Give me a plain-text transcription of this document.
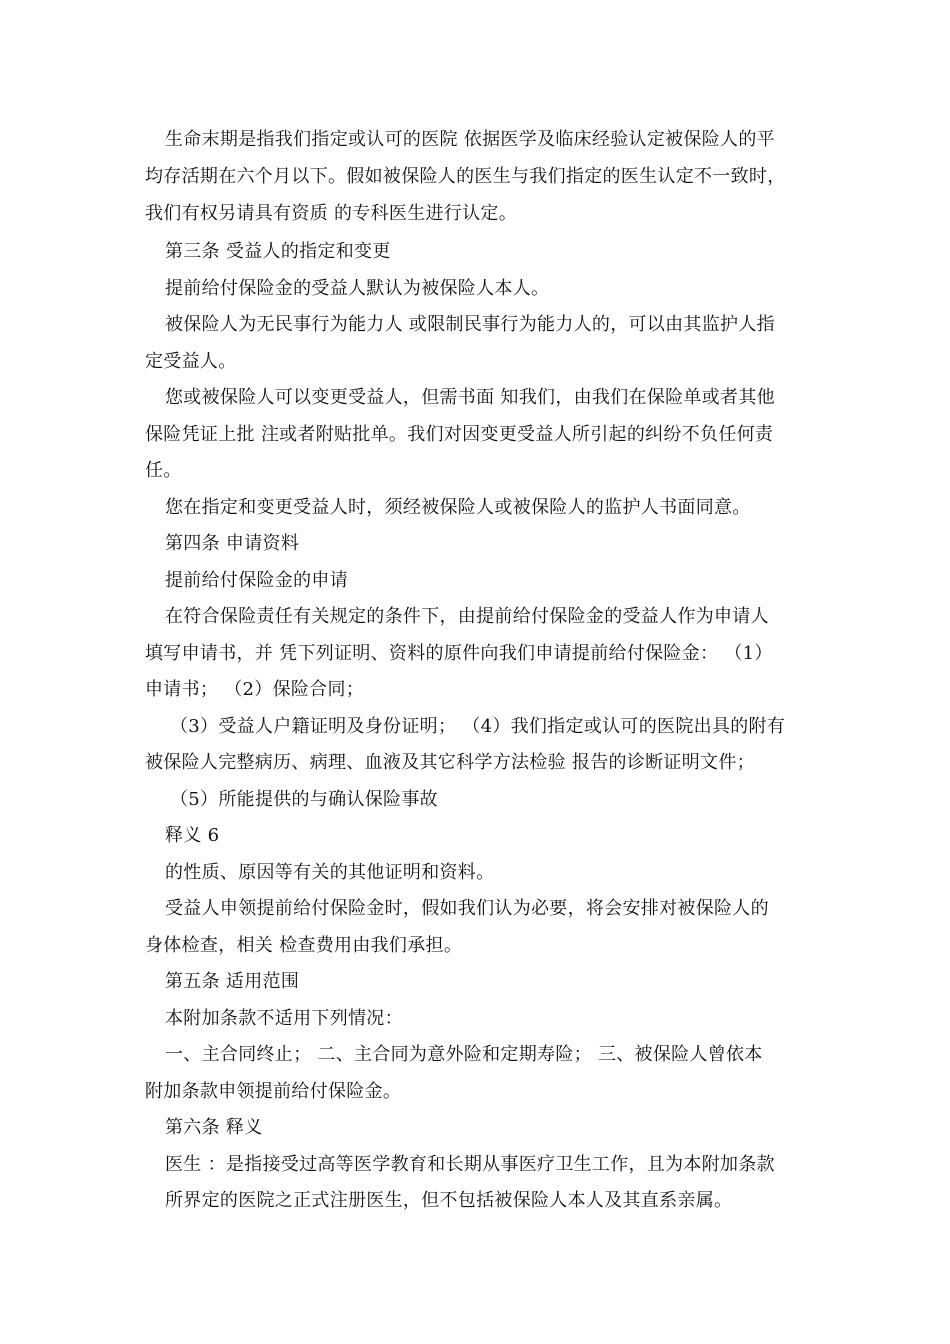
生命末期是指我们指定或认可的医院 依据医学及临床经验认定被保险人的平

均存活期在六个月以下。假如被保险人的医生与我们指定的医生认定不一致时，

我们有权另请具有资质 的专科医生进行认定。

第三条 受益人的指定和变更

提前给付保险金的受益人默认为被保险人本人。

被保险人为无民事行为能力人 或限制民事行为能力人的，可以由其监护人指

定受益人。

您或被保险人可以变更受益人，但需书面 知我们，由我们在保险单或者其他

保险凭证上批 注或者附贴批单。我们对因变更受益人所引起的纠纷不负任何责

任。

您在指定和变更受益人时，须经被保险人或被保险人的监护人书面同意。

第四条 申请资料

提前给付保险金的申请

在符合保险责任有关规定的条件下，由提前给付保险金的受益人作为申请人

填写申请书，并 凭下列证明、资料的原件向我们申请提前给付保险金： （1）

申请书； （2）保险合同；

（3）受益人户籍证明及身份证明； （4）我们指定或认可的医院出具的附有

被保险人完整病历、病理、血液及其它科学方法检验 报告的诊断证明文件；

（5）所能提供的与确认保险事故

释义 6

的性质、原因等有关的其他证明和资料。

受益人申领提前给付保险金时，假如我们认为必要，将会安排对被保险人的

身体检查，相关 检查费用由我们承担。

第五条 适用范围

本附加条款不适用下列情况：

一、主合同终止； 二、主合同为意外险和定期寿险； 三、被保险人曾依本

附加条款申领提前给付保险金。

第六条 释义

医生 ：是指接受过高等医学教育和长期从事医疗卫生工作，且为本附加条款

所界定的医院之正式注册医生，但不包括被保险人本人及其直系亲属。
